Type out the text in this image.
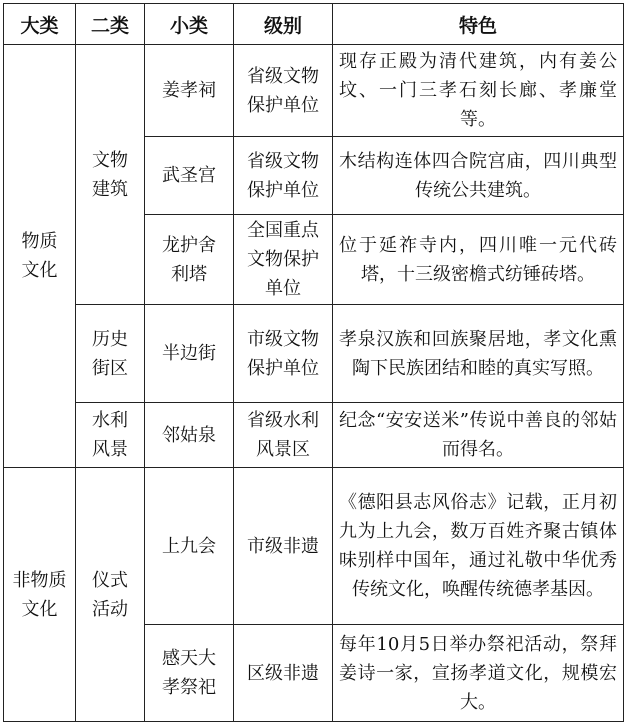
大类	二类	小类	级别	特色
物质文化	文物建筑	姜孝祠	省级文物保护单位	现存正殿为清代建筑，内有姜公坟、一门三孝石刻长廊、孝廉堂等。
		武圣宫	省级文物保护单位	木结构连体四合院宫庙，四川典型传统公共建筑。
		龙护舍利塔	全国重点文物保护单位	位于延祚寺内，四川唯一元代砖塔，十三级密檐式纺锤砖塔。
	历史街区	半边街	市级文物保护单位	孝泉汉族和回族聚居地，孝文化熏陶下民族团结和睦的真实写照。
	水利风景	邻姑泉	省级水利风景区	纪念“安安送米”传说中善良的邻姑而得名。
非物质文化	仪式活动	上九会	市级非遗	《德阳县志风俗志》记载，正月初九为上九会，数万百姓齐聚古镇体味别样中国年，通过礼敬中华优秀传统文化，唤醒传统德孝基因。
		感天大孝祭祀	区级非遗	每年10月5日举办祭祀活动，祭拜姜诗一家，宣扬孝道文化，规模宏大。
